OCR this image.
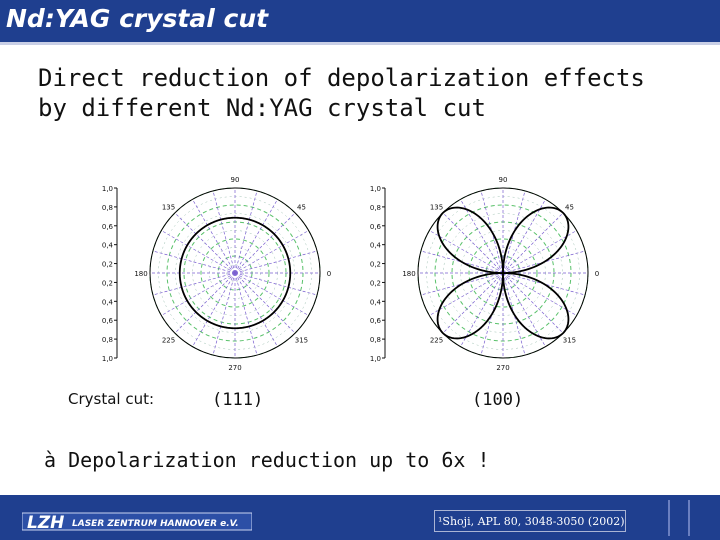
Nd:YAG crystal cut
Direct reduction of depolarization effects
by different Nd:YAG crystal cut
1,0
0,8
0,6
0,4
0,2
0,2
0,4
0,6
0,8
1,0
90
45
0
315
270
225
180
135
1,0
0,8
0,6
0,4
0,2
0,2
0,4
0,6
0,8
1,0
90
45
0
315
270
225
180
135
Crystal cut:	(111)	(100)
à Depolarization reduction up to 6x !
LZH LASER ZENTRUM HANNOVER e.V.	¹Shoji, APL 80, 3048-3050 (2002)
